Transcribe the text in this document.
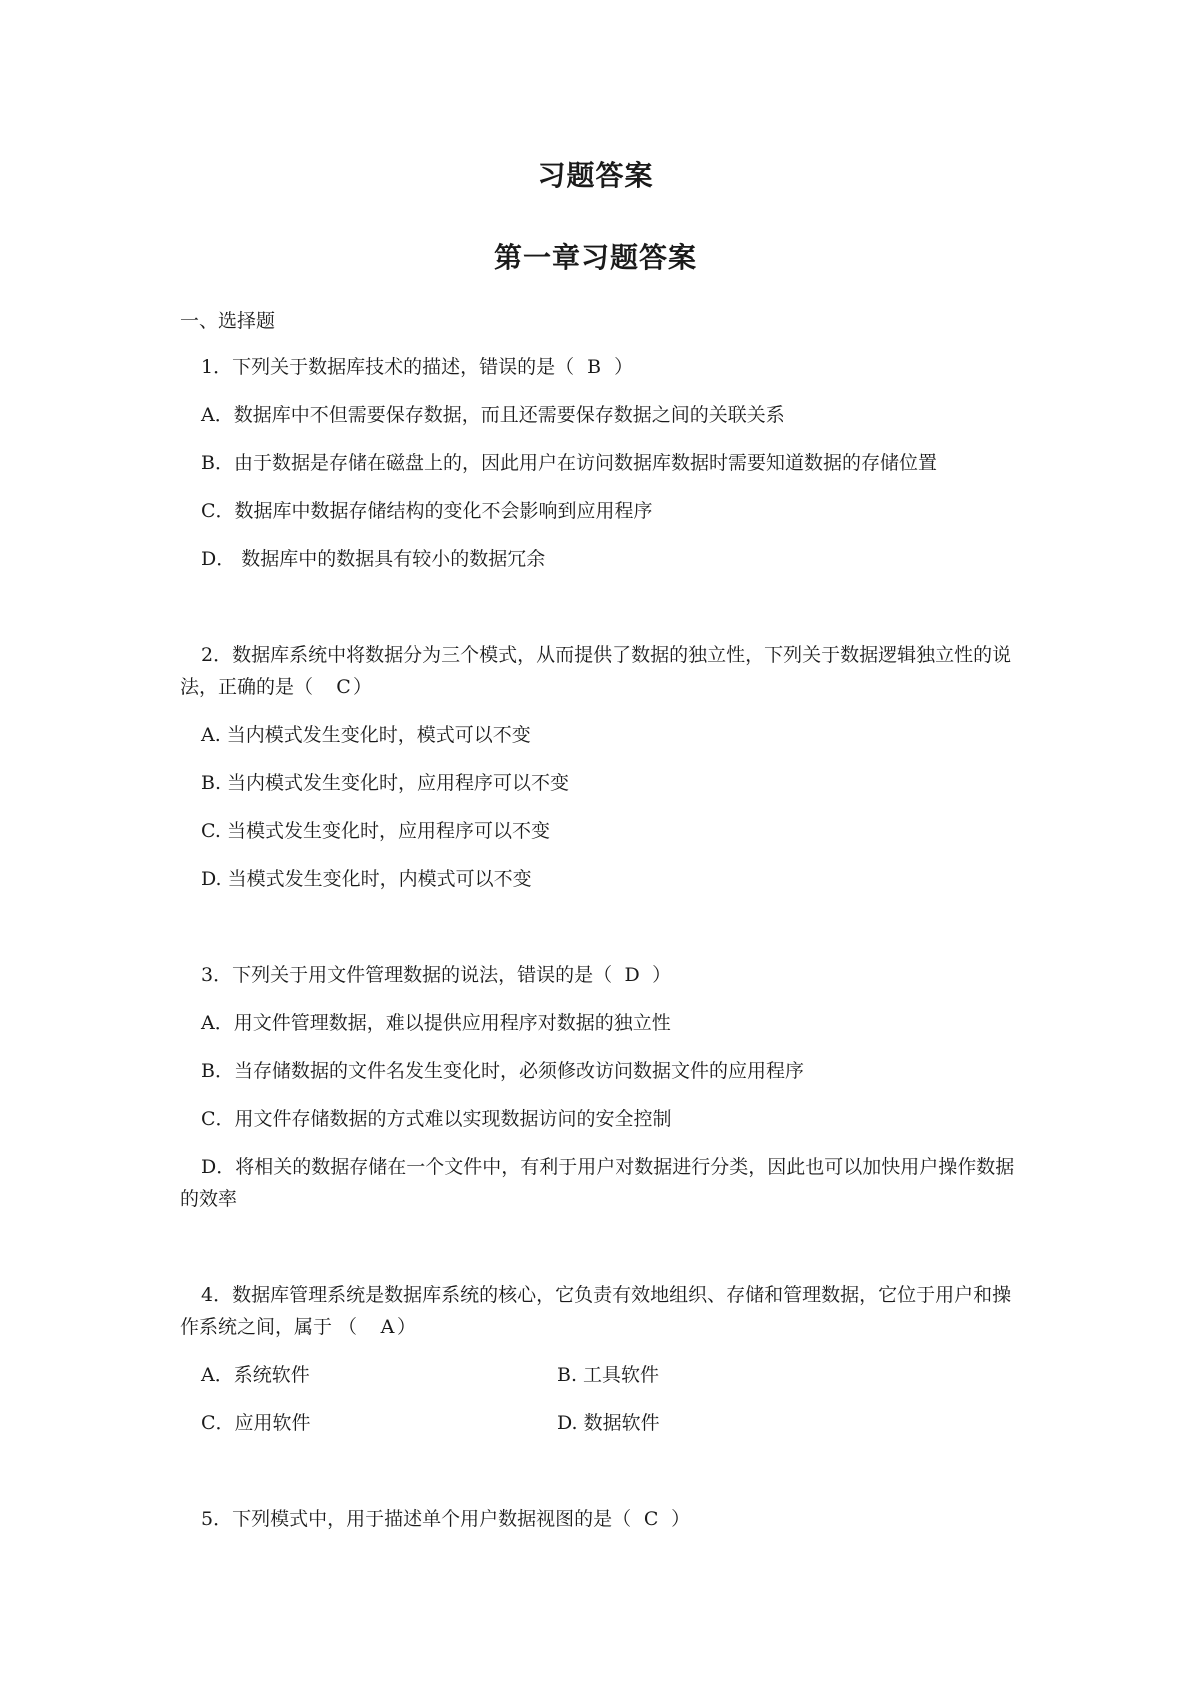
习题答案
第一章习题答案
一、选择题

1．下列关于数据库技术的描述，错误的是（ B ）

A．数据库中不但需要保存数据，而且还需要保存数据之间的关联关系

B．由于数据是存储在磁盘上的，因此用户在访问数据库数据时需要知道数据的存储位置

C．数据库中数据存储结构的变化不会影响到应用程序

D． 数据库中的数据具有较小的数据冗余

2．数据库系统中将数据分为三个模式，从而提供了数据的独立性，下列关于数据逻辑独立性的说法，正确的是（ C ）

A. 当内模式发生变化时，模式可以不变

B. 当内模式发生变化时，应用程序可以不变

C. 当模式发生变化时，应用程序可以不变

D. 当模式发生变化时，内模式可以不变

3．下列关于用文件管理数据的说法，错误的是（ D ）

A．用文件管理数据，难以提供应用程序对数据的独立性

B．当存储数据的文件名发生变化时，必须修改访问数据文件的应用程序

C．用文件存储数据的方式难以实现数据访问的安全控制

D．将相关的数据存储在一个文件中，有利于用户对数据进行分类，因此也可以加快用户操作数据的效率

4．数据库管理系统是数据库系统的核心，它负责有效地组织、存储和管理数据，它位于用户和操作系统之间，属于 （ A ）

A．系统软件	B. 工具软件

C．应用软件	D. 数据软件

5．下列模式中，用于描述单个用户数据视图的是（ C ）
